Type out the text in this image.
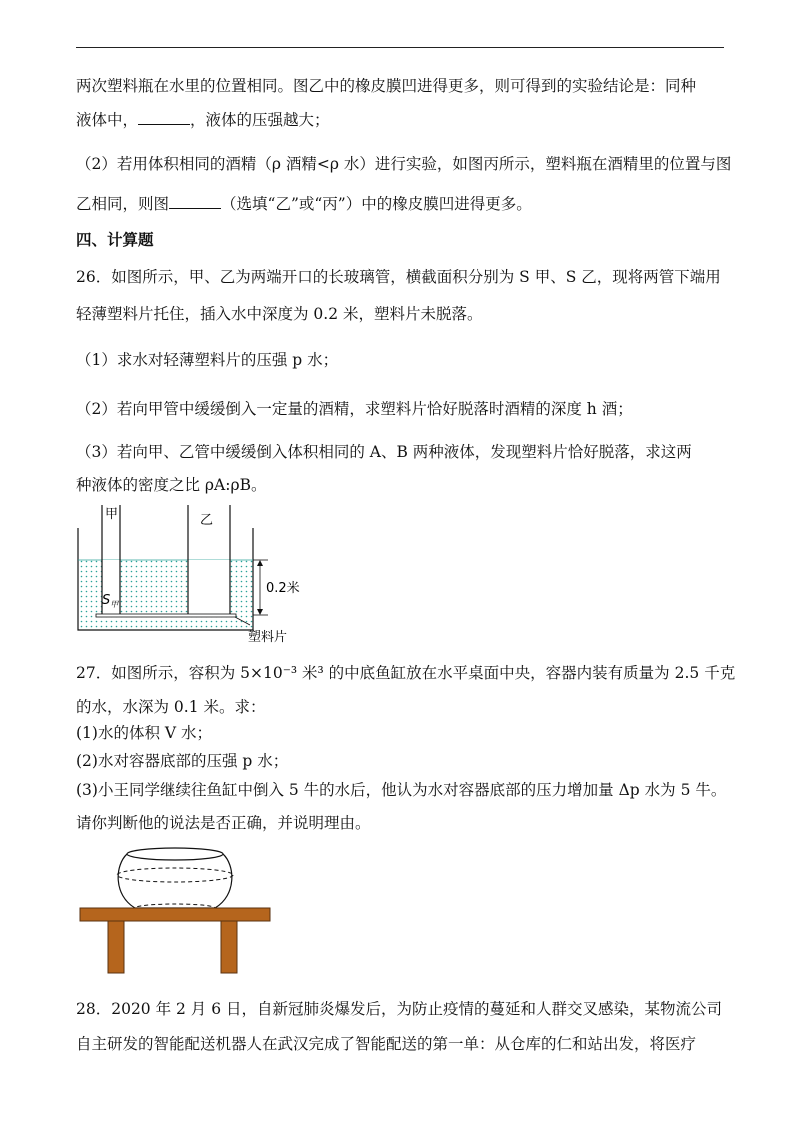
两次塑料瓶在水里的位置相同。图乙中的橡皮膜凹进得更多，则可得到的实验结论是：同种
液体中，	，液体的压强越大；
（2）若用体积相同的酒精（ρ 酒精<ρ 水）进行实验，如图丙所示，塑料瓶在酒精里的位置与图
乙相同，则图	（选填“乙”或“丙”）中的橡皮膜凹进得更多。
四、计算题
26．如图所示，甲、乙为两端开口的长玻璃管，横截面积分别为 S 甲、S 乙，现将两管下端用
轻薄塑料片托住，插入水中深度为 0.2 米，塑料片未脱落。
（1）求水对轻薄塑料片的压强 p 水；
（2）若向甲管中缓缓倒入一定量的酒精，求塑料片恰好脱落时酒精的深度 h 酒；
（3）若向甲、乙管中缓缓倒入体积相同的 A、B 两种液体，发现塑料片恰好脱落，求这两
种液体的密度之比 ρA:ρB。
甲	乙
0.2米
$S_甲$
塑料片
27．如图所示，容积为 5×10⁻³ 米³ 的中底鱼缸放在水平桌面中央，容器内装有质量为 2.5 千克
的水，水深为 0.1 米。求：
(1)水的体积 V 水；
(2)水对容器底部的压强 p 水；
(3)小王同学继续往鱼缸中倒入 5 牛的水后，他认为水对容器底部的压力增加量 Δp 水为 5 牛。
请你判断他的说法是否正确，并说明理由。
28．2020 年 2 月 6 日，自新冠肺炎爆发后，为防止疫情的蔓延和人群交叉感染，某物流公司
自主研发的智能配送机器人在武汉完成了智能配送的第一单：从仓库的仁和站出发，将医疗
